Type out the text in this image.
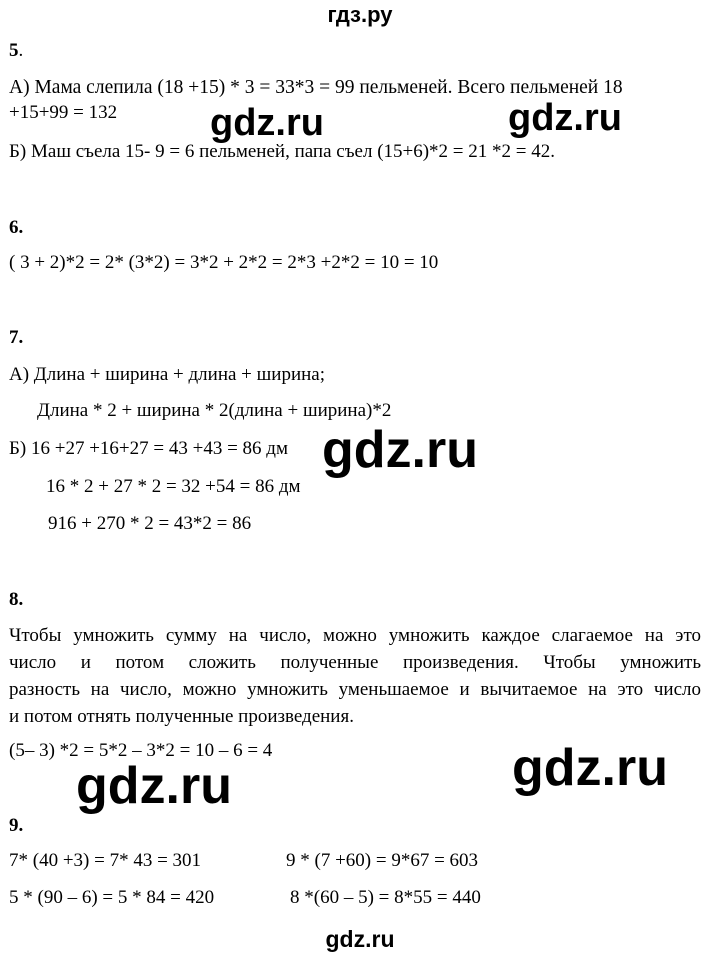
гдз.ру
5.
А) Мама слепила (18 +15) * 3 = 33*3 = 99 пельменей. Всего пельменей 18
+15+99 = 132
Б) Маш съела 15- 9 = 6 пельменей, папа съел (15+6)*2 = 21 *2 = 42.
gdz.ru	gdz.ru
6.
( 3 + 2)*2 = 2* (3*2) = 3*2 + 2*2 = 2*3 +2*2 = 10 = 10
7.
А) Длина + ширина + длина + ширина;
Длина * 2 + ширина * 2(длина + ширина)*2
Б) 16 +27 +16+27 = 43 +43 = 86 дм
16 * 2 + 27 * 2 = 32 +54 = 86 дм
916 + 270 * 2 = 43*2 = 86
gdz.ru
8.
Чтобы умножить сумму на число, можно умножить каждое слагаемое на это
число и потом сложить полученные произведения. Чтобы умножить
разность на число, можно умножить уменьшаемое и вычитаемое на это число
и потом отнять полученные произведения.
(5– 3) *2 = 5*2 – 3*2 = 10 – 6 = 4
gdz.ru	gdz.ru
9.
7* (40 +3) = 7* 43 = 301	9 * (7 +60) = 9*67 = 603
5 * (90 – 6) = 5 * 84 = 420	8 *(60 – 5) = 8*55 = 440
gdz.ru
